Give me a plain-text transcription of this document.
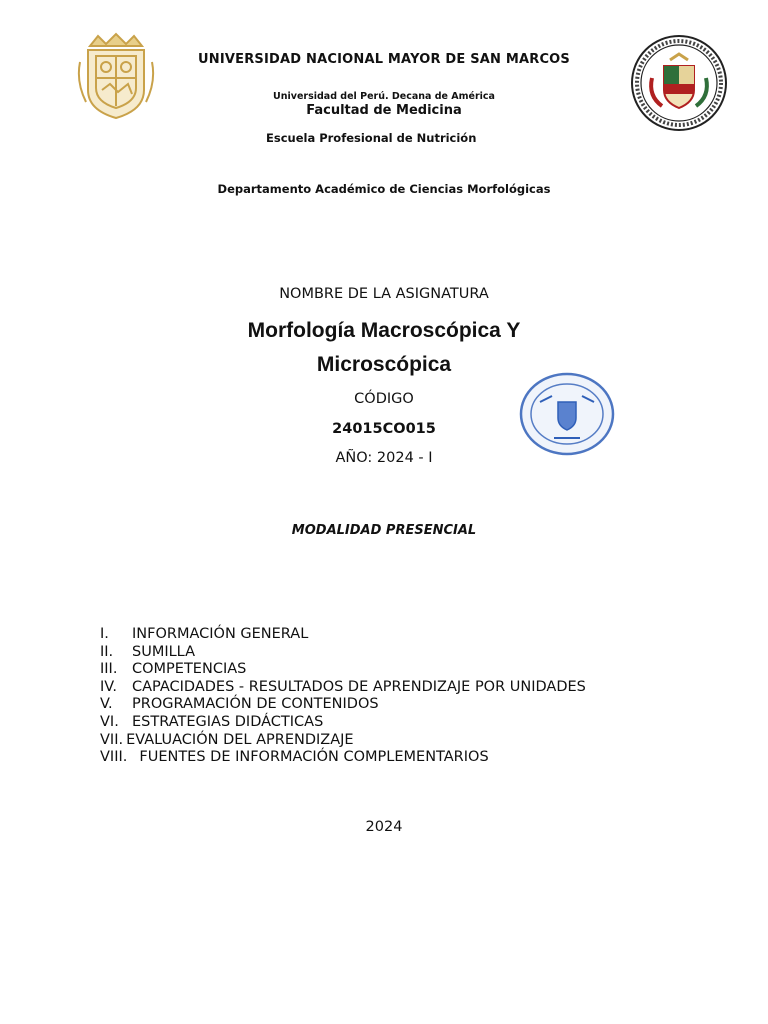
UNIVERSIDAD NACIONAL MAYOR DE SAN MARCOS
Universidad del Perú. Decana de América
Facultad de Medicina
Escuela Profesional de Nutrición
Departamento Académico de Ciencias Morfológicas
NOMBRE DE LA ASIGNATURA
Morfología Macroscópica Y
Microscópica
CÓDIGO
24015CO015
AÑO: 2024 - I
MODALIDAD PRESENCIAL
I.	INFORMACIÓN GENERAL
II.	SUMILLA
III.	COMPETENCIAS
IV.	CAPACIDADES - RESULTADOS DE APRENDIZAJE POR UNIDADES
V.	PROGRAMACIÓN DE CONTENIDOS
VI. ESTRATEGIAS DIDÁCTICAS
VII. EVALUACIÓN DEL APRENDIZAJE
VIII. FUENTES DE INFORMACIÓN COMPLEMENTARIOS
2024
